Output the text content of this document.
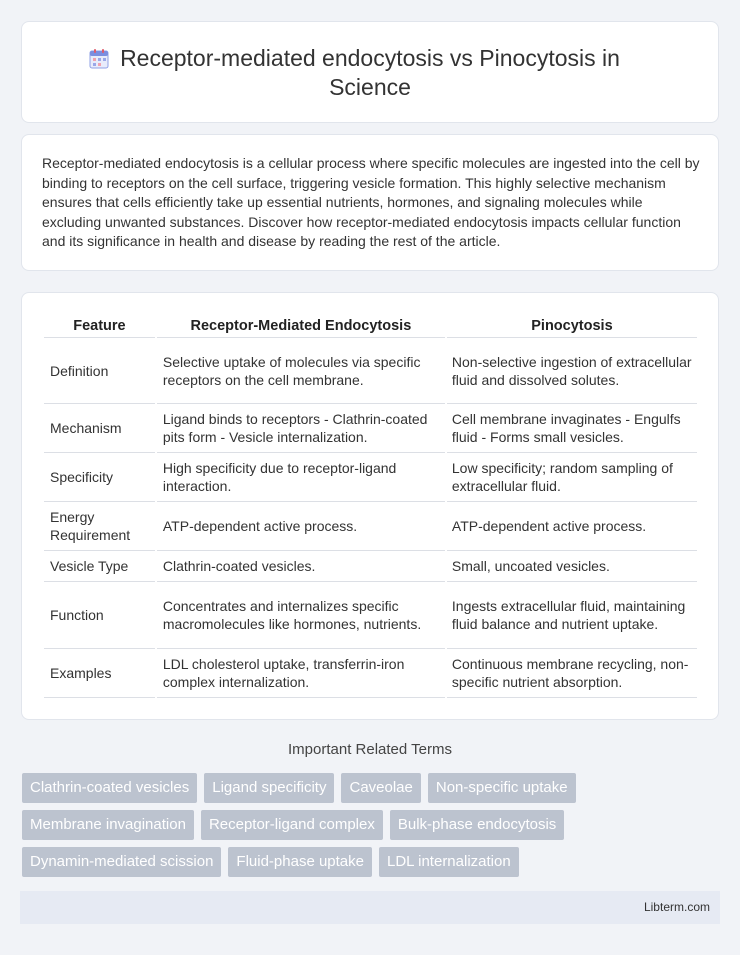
Receptor-mediated endocytosis vs Pinocytosis in Science

Receptor-mediated endocytosis is a cellular process where specific molecules are ingested into the cell by binding to receptors on the cell surface, triggering vesicle formation. This highly selective mechanism ensures that cells efficiently take up essential nutrients, hormones, and signaling molecules while excluding unwanted substances. Discover how receptor-mediated endocytosis impacts cellular function and its significance in health and disease by reading the rest of the article.

Feature	Receptor-Mediated Endocytosis	Pinocytosis
Definition	Selective uptake of molecules via specific receptors on the cell membrane.	Non-selective ingestion of extracellular fluid and dissolved solutes.
Mechanism	Ligand binds to receptors - Clathrin-coated pits form - Vesicle internalization.	Cell membrane invaginates - Engulfs fluid - Forms small vesicles.
Specificity	High specificity due to receptor-ligand interaction.	Low specificity; random sampling of extracellular fluid.
Energy Requirement	ATP-dependent active process.	ATP-dependent active process.
Vesicle Type	Clathrin-coated vesicles.	Small, uncoated vesicles.
Function	Concentrates and internalizes specific macromolecules like hormones, nutrients.	Ingests extracellular fluid, maintaining fluid balance and nutrient uptake.
Examples	LDL cholesterol uptake, transferrin-iron complex internalization.	Continuous membrane recycling, non-specific nutrient absorption.
Important Related Terms
Clathrin-coated vesicles	Ligand specificity	Caveolae	Non-specific uptake
Membrane invagination	Receptor-ligand complex	Bulk-phase endocytosis
Dynamin-mediated scission	Fluid-phase uptake	LDL internalization
Libterm.com
